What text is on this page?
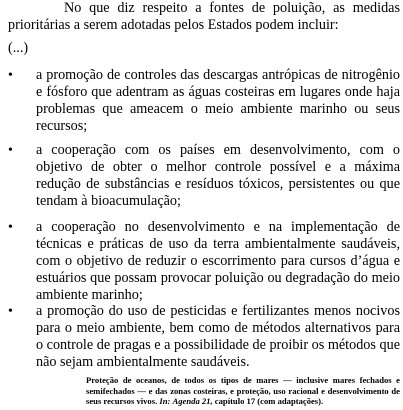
No que diz respeito a fontes de poluição, as medidas prioritárias a serem adotadas pelos Estados podem incluir:

(...)

• a promoção de controles das descargas antrópicas de nitrogênio e fósforo que adentram as águas costeiras em lugares onde haja problemas que ameacem o meio ambiente marinho ou seus recursos;

• a cooperação com os países em desenvolvimento, com o objetivo de obter o melhor controle possível e a máxima redução de substâncias e resíduos tóxicos, persistentes ou que tendam à bioacumulação;

• a cooperação no desenvolvimento e na implementação de técnicas e práticas de uso da terra ambientalmente saudáveis, com o objetivo de reduzir o escorrimento para cursos d’água e estuários que possam provocar poluição ou degradação do meio ambiente marinho;

• a promoção do uso de pesticidas e fertilizantes menos nocivos para o meio ambiente, bem como de métodos alternativos para o controle de pragas e a possibilidade de proibir os métodos que não sejam ambientalmente saudáveis.

Proteção de oceanos, de todos os tipos de mares — inclusive mares fechados e semifechados — e das zonas costeiras, e proteção, uso racional e desenvolvimento de seus recursos vivos. In: Agenda 21, capítulo 17 (com adaptações).
